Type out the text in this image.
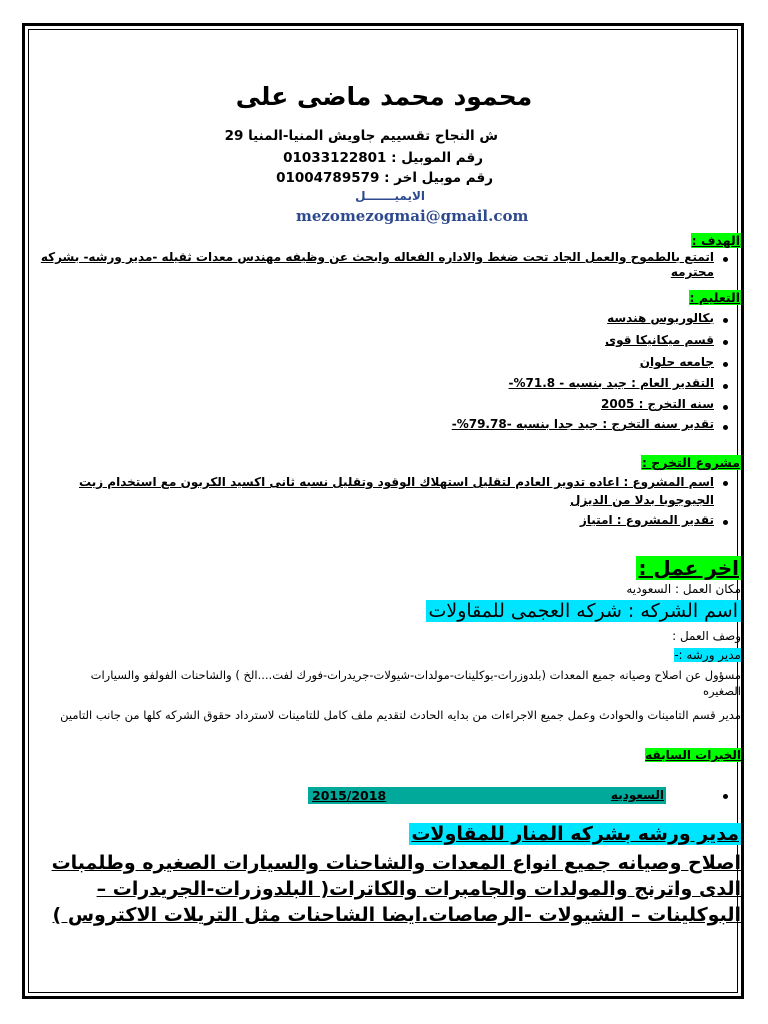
محمود محمد ماضى على
ش النجاح تقسييم جاويش المنيا-المنيا 29
رقم الموبيل : 01033122801
رقم موبيل اخر : 01004789579
الايميـــــــل
mezomezogmai@gmail.com
الهدف :
اتمتع بالطموح والعمل الجاد تحت ضغط والاداره الفعاله وابحث عن وظيفه مهندس معدات ثقيله -مدير ورشه- بشركه محترمه
التعليم :
بكالوريوس هندسه
قسم ميكانيكا قوى
جامعه حلوان
التقدير العام : جيد بنسبه - 71.8%-
سنه التخرج : 2005
تقدير سنه التخرج : جيد جدا بنسبه -79.78%-
مشروع التخرج :
اسم المشروع : اعاده تدوير العادم لتقليل استهلاك الوقود وتقليل نسبه ثانى اكسيد الكربون مع استخدام زيت الجيوجوبا بدلا من الديزل
تقدير المشروع : امتياز
اخر عمل :
مكان العمل : السعوديه
اسم الشركه : شركه العجمى للمقاولات
وصف العمل :
مدير ورشه :-
مسؤول عن اصلاح وصيانه جميع المعدات (بلدوزرات-بوكلينات-مولدات-شيولات-جريدرات-فورك لفت....الخ ) والشاحنات الفولفو والسيارات الصغيره
مدير قسم التامينات والحوادث وعمل جميع الاجراءات من بدايه الحادث لتقديم ملف كامل للتامينات لاسترداد حقوق الشركه كلها من جانب التامين
الخبرات السابقه
السعوديه
2015/2018
مدير ورشه بشركه المنار للمقاولات
اصلاح وصيانه جميع انواع المعدات والشاحنات والسيارات الصغيره وطلمبات الدى واترنج والمولدات والجامبرات والكاترات( البلدوزرات-الجريدرات – البوكلينات – الشيولات -الرصاصات.ايضا الشاحنات مثل التريلات الاكتروس )
